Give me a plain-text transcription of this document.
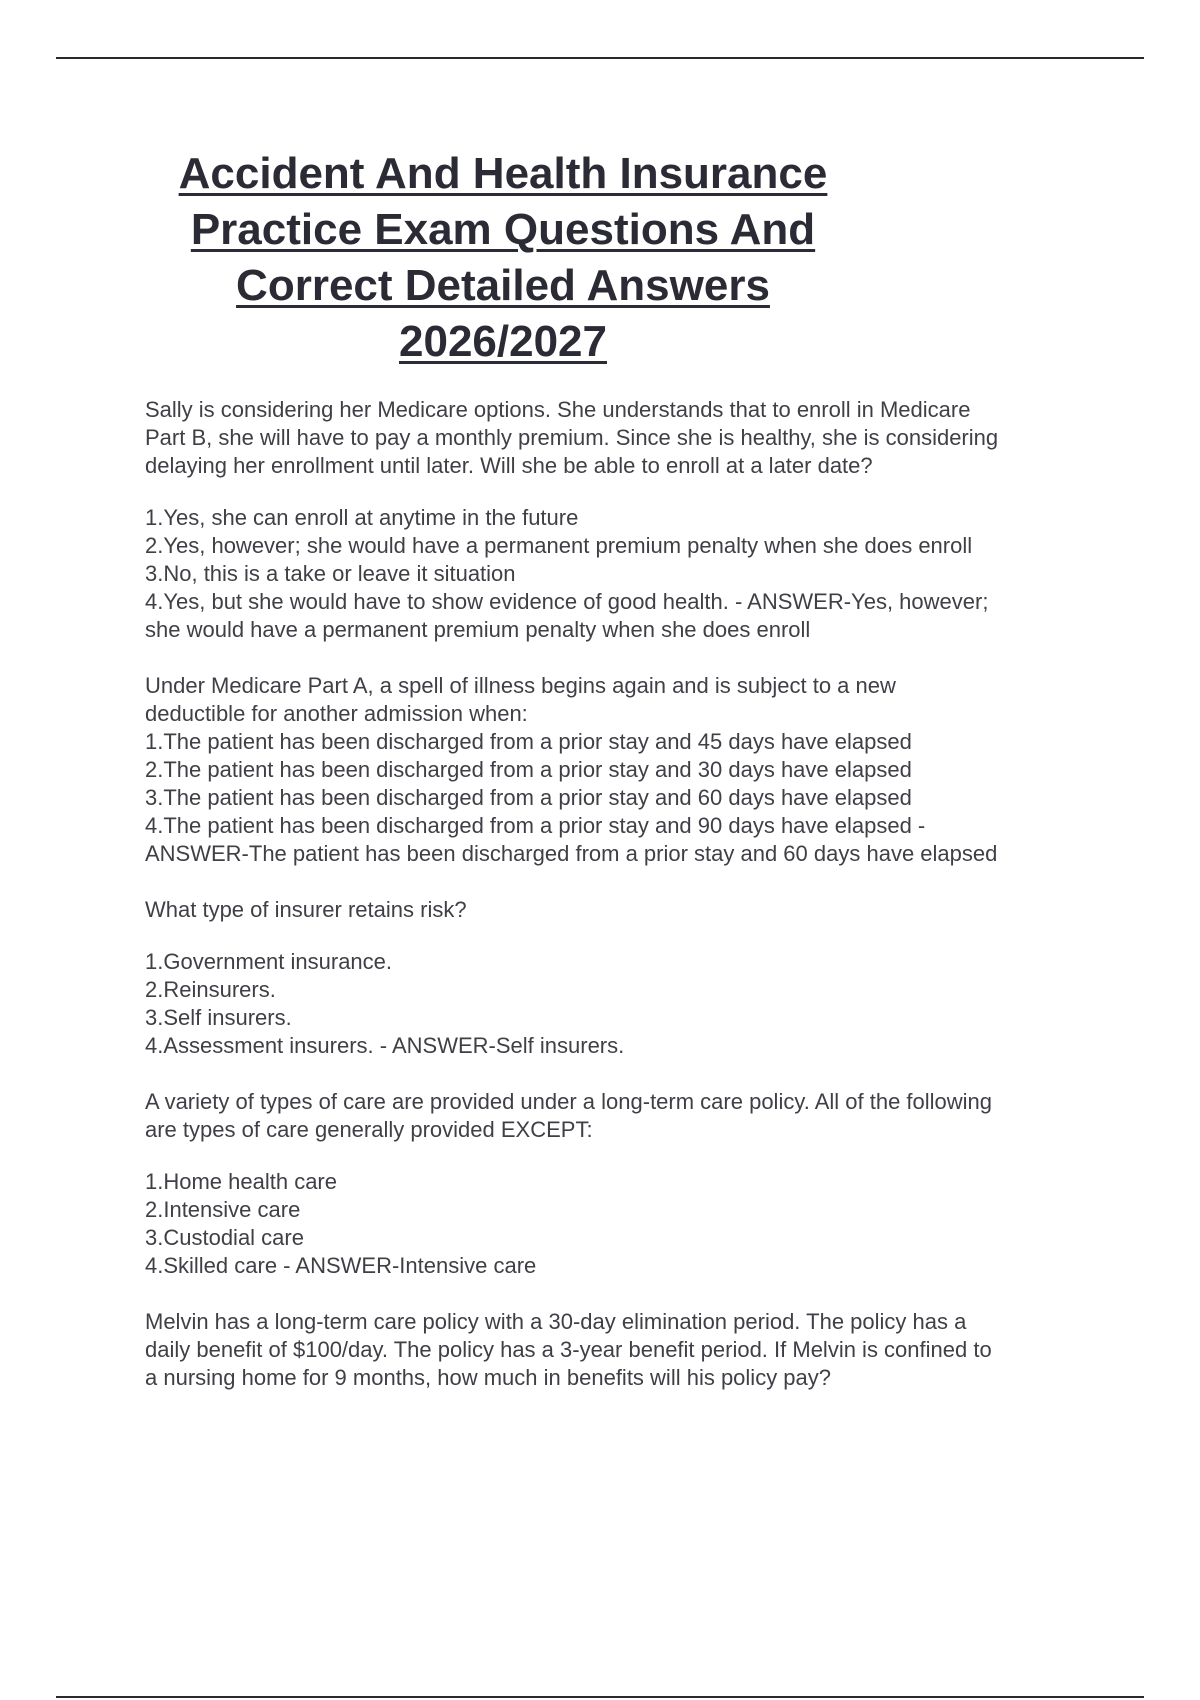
Accident And Health Insurance
Practice Exam Questions And
Correct Detailed Answers
2026/2027
Sally is considering her Medicare options. She understands that to enroll in Medicare
Part B, she will have to pay a monthly premium. Since she is healthy, she is considering
delaying her enrollment until later. Will she be able to enroll at a later date?
1.Yes, she can enroll at anytime in the future
2.Yes, however; she would have a permanent premium penalty when she does enroll
3.No, this is a take or leave it situation
4.Yes, but she would have to show evidence of good health. - ANSWER-Yes, however;
she would have a permanent premium penalty when she does enroll
Under Medicare Part A, a spell of illness begins again and is subject to a new
deductible for another admission when:
1.The patient has been discharged from a prior stay and 45 days have elapsed
2.The patient has been discharged from a prior stay and 30 days have elapsed
3.The patient has been discharged from a prior stay and 60 days have elapsed
4.The patient has been discharged from a prior stay and 90 days have elapsed -
ANSWER-The patient has been discharged from a prior stay and 60 days have elapsed
What type of insurer retains risk?
1.Government insurance.
2.Reinsurers.
3.Self insurers.
4.Assessment insurers. - ANSWER-Self insurers.
A variety of types of care are provided under a long-term care policy. All of the following
are types of care generally provided EXCEPT:
1.Home health care
2.Intensive care
3.Custodial care
4.Skilled care - ANSWER-Intensive care
Melvin has a long-term care policy with a 30-day elimination period. The policy has a
daily benefit of $100/day. The policy has a 3-year benefit period. If Melvin is confined to
a nursing home for 9 months, how much in benefits will his policy pay?
